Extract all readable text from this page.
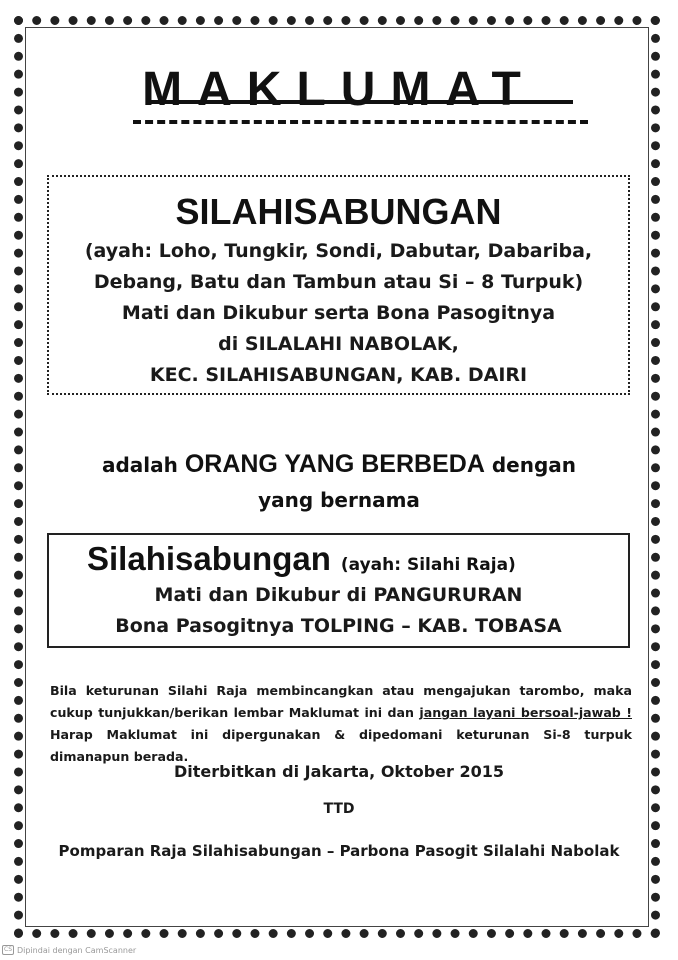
MAKLUMAT
SILAHISABUNGAN
(ayah: Loho, Tungkir, Sondi, Dabutar, Dabariba,
Debang, Batu dan Tambun atau Si – 8 Turpuk)
Mati dan Dikubur serta Bona Pasogitnya
di SILALAHI NABOLAK,
KEC. SILAHISABUNGAN, KAB. DAIRI
adalah ORANG YANG BERBEDA dengan
yang bernama
Silahisabungan (ayah: Silahi Raja)
Mati dan Dikubur di PANGURURAN
Bona Pasogitnya TOLPING – KAB. TOBASA
Bila keturunan Silahi Raja membincangkan atau mengajukan tarombo, maka cukup tunjukkan/berikan lembar Maklumat ini dan jangan layani bersoal-jawab ! Harap Maklumat ini dipergunakan & dipedomani keturunan Si-8 turpuk dimanapun berada.
Diterbitkan di Jakarta, Oktober 2015
TTD
Pomparan Raja Silahisabungan – Parbona Pasogit Silalahi Nabolak
CS Dipindai dengan CamScanner
